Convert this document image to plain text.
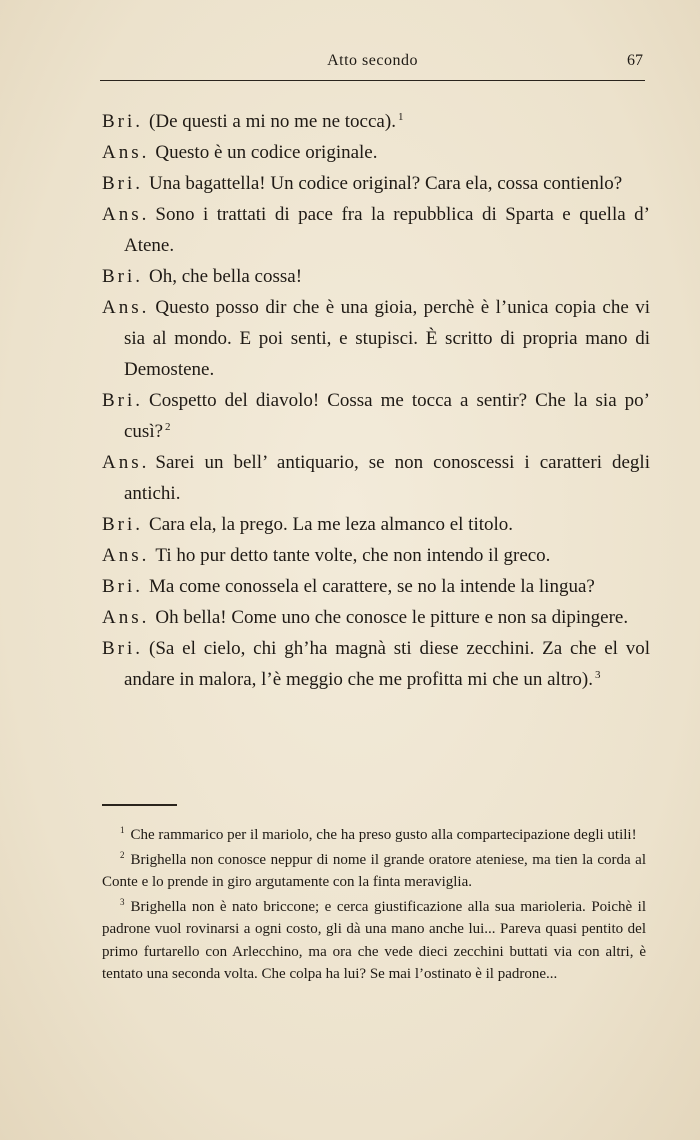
Atto secondo	67
Bri. (De questi a mi no me ne tocca). $^1$
Ans. Questo è un codice originale.
Bri. Una bagattella! Un codice original? Cara ela, cossa contienlo?
Ans. Sono i trattati di pace fra la repubblica di Sparta e quella d’ Atene.
Bri. Oh, che bella cossa!
Ans. Questo posso dir che è una gioia, perchè è l’unica copia che vi sia al mondo. E poi senti, e stupisci. È scritto di propria mano di Demostene.
Bri. Cospetto del diavolo! Cossa me tocca a sentir? Che la sia po’ cusì? $^2$
Ans. Sarei un bell’ antiquario, se non conoscessi i caratteri degli antichi.
Bri. Cara ela, la prego. La me leza almanco el titolo.
Ans. Ti ho pur detto tante volte, che non intendo il greco.
Bri. Ma come conossela el carattere, se no la intende la lingua?
Ans. Oh bella! Come uno che conosce le pitture e non sa dipingere.
Bri. (Sa el cielo, chi gh’ha magnà sti diese zecchini. Za che el vol andare in malora, l’è meggio che me profitta mi che un altro). $^3$

$^1$ Che rammarico per il mariolo, che ha preso gusto alla compartecipazione degli utili!

$^2$ Brighella non conosce neppur di nome il grande oratore ateniese, ma tien la corda al Conte e lo prende in giro argutamente con la finta meraviglia.

$^3$ Brighella non è nato briccone; e cerca giustificazione alla sua marioleria. Poichè il padrone vuol rovinarsi a ogni costo, gli dà una mano anche lui... Pareva quasi pentito del primo furtarello con Arlecchino, ma ora che vede dieci zecchini buttati via con altri, è tentato una seconda volta. Che colpa ha lui? Se mai l’ostinato è il padrone...
